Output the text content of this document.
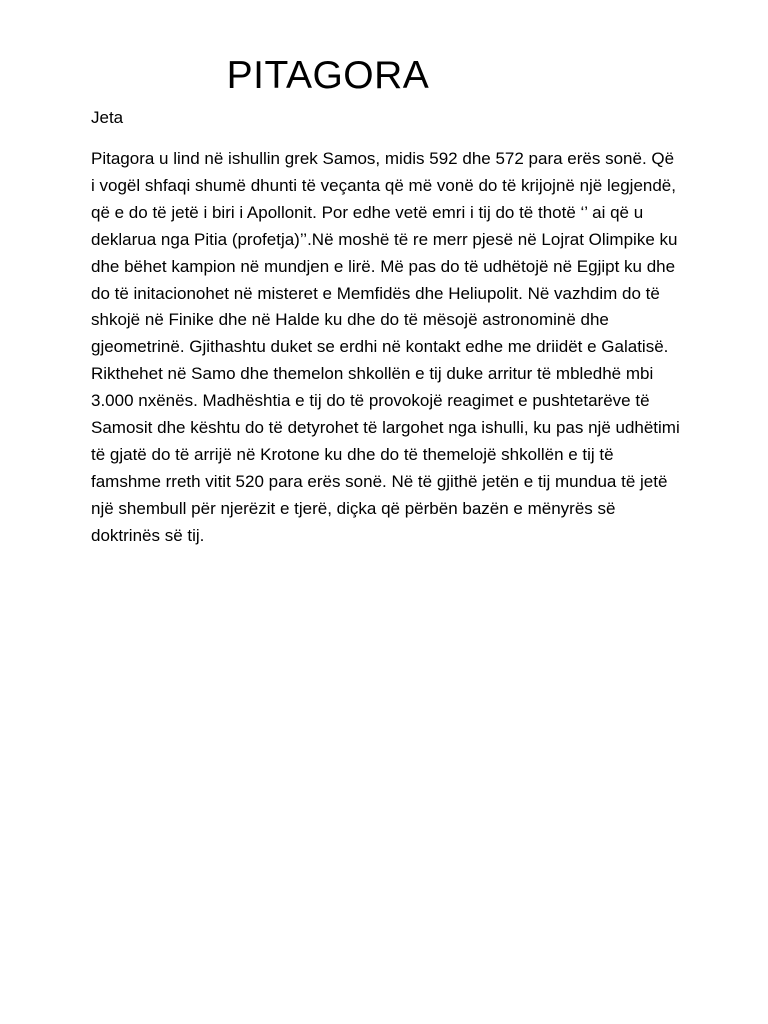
PITAGORA

Jeta

Pitagora u lind në ishullin grek Samos, midis 592 dhe 572 para erës sonë. Që i vogël shfaqi shumë dhunti të veçanta që më vonë do të krijojnë një legjendë, që e do të jetë i biri i Apollonit. Por edhe vetë emri i tij do të thotë ‘’ ai që u deklarua nga Pitia (profetja)’’.Në moshë të re merr pjesë në Lojrat Olimpike ku dhe bëhet kampion në mundjen e lirë. Më pas do të udhëtojë në Egjipt ku dhe do të initacionohet në misteret e Memfidës dhe Heliupolit. Në vazhdim do të shkojë në Finike dhe në Halde ku dhe do të mësojë astronominë dhe gjeometrinë. Gjithashtu duket se erdhi në kontakt edhe me driidët e Galatisë. Rikthehet në Samo dhe themelon shkollën e tij duke arritur të mbledhë mbi 3.000 nxënës. Madhështia e tij do të provokojë reagimet e pushtetarëve të Samosit dhe kështu do të detyrohet të largohet nga ishulli, ku pas një udhëtimi të gjatë do të arrijë në Krotone ku dhe do të themelojë shkollën e tij të famshme rreth vitit 520 para erës sonë. Në të gjithë jetën e tij mundua të jetë një shembull për njerëzit e tjerë, diçka që përbën bazën e mënyrës së doktrinës së tij.
